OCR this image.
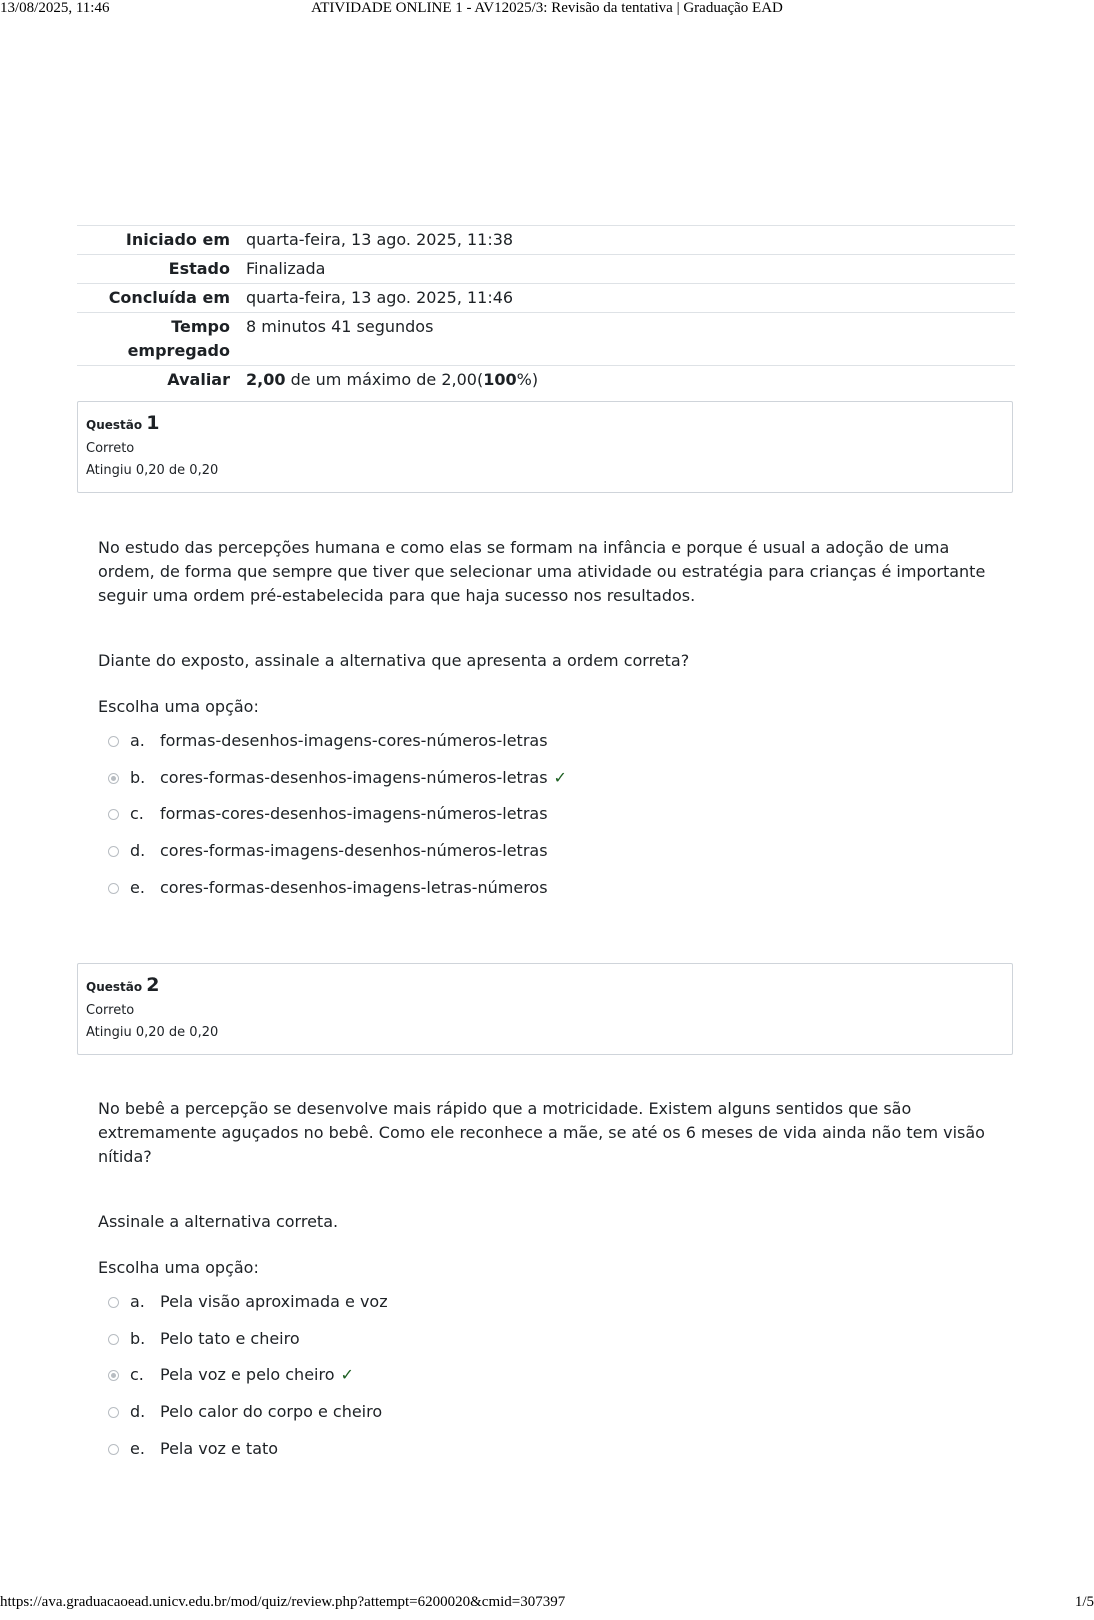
13/08/2025, 11:46	ATIVIDADE ONLINE 1 - AV12025/3: Revisão da tentativa | Graduação EAD
Iniciado em	quarta-feira, 13 ago. 2025, 11:38
Estado	Finalizada
Concluída em	quarta-feira, 13 ago. 2025, 11:46
Tempo
empregado	8 minutos 41 segundos
Avaliar	2,00 de um máximo de 2,00(100%)
Questão 1
Correto
Atingiu 0,20 de 0,20

No estudo das percepções humana e como elas se formam na infância e porque é usual a adoção de uma ordem, de forma que sempre que tiver que selecionar uma atividade ou estratégia para crianças é importante seguir uma ordem pré-estabelecida para que haja sucesso nos resultados.

Diante do exposto, assinale a alternativa que apresenta a ordem correta?

Escolha uma opção:

a. formas-desenhos-imagens-cores-números-letras
b. cores-formas-desenhos-imagens-números-letras ✓
c.	formas-cores-desenhos-imagens-números-letras
d. cores-formas-imagens-desenhos-números-letras
e. cores-formas-desenhos-imagens-letras-números
Questão 2
Correto
Atingiu 0,20 de 0,20

No bebê a percepção se desenvolve mais rápido que a motricidade. Existem alguns sentidos que são extremamente aguçados no bebê. Como ele reconhece a mãe, se até os 6 meses de vida ainda não tem visão nítida?

Assinale a alternativa correta.

Escolha uma opção:

a. Pela visão aproximada e voz
b. Pelo tato e cheiro
c.	Pela voz e pelo cheiro ✓
d. Pelo calor do corpo e cheiro
e. Pela voz e tato
https://ava.graduacaoead.unicv.edu.br/mod/quiz/review.php?attempt=6200020&cmid=307397	1/5
